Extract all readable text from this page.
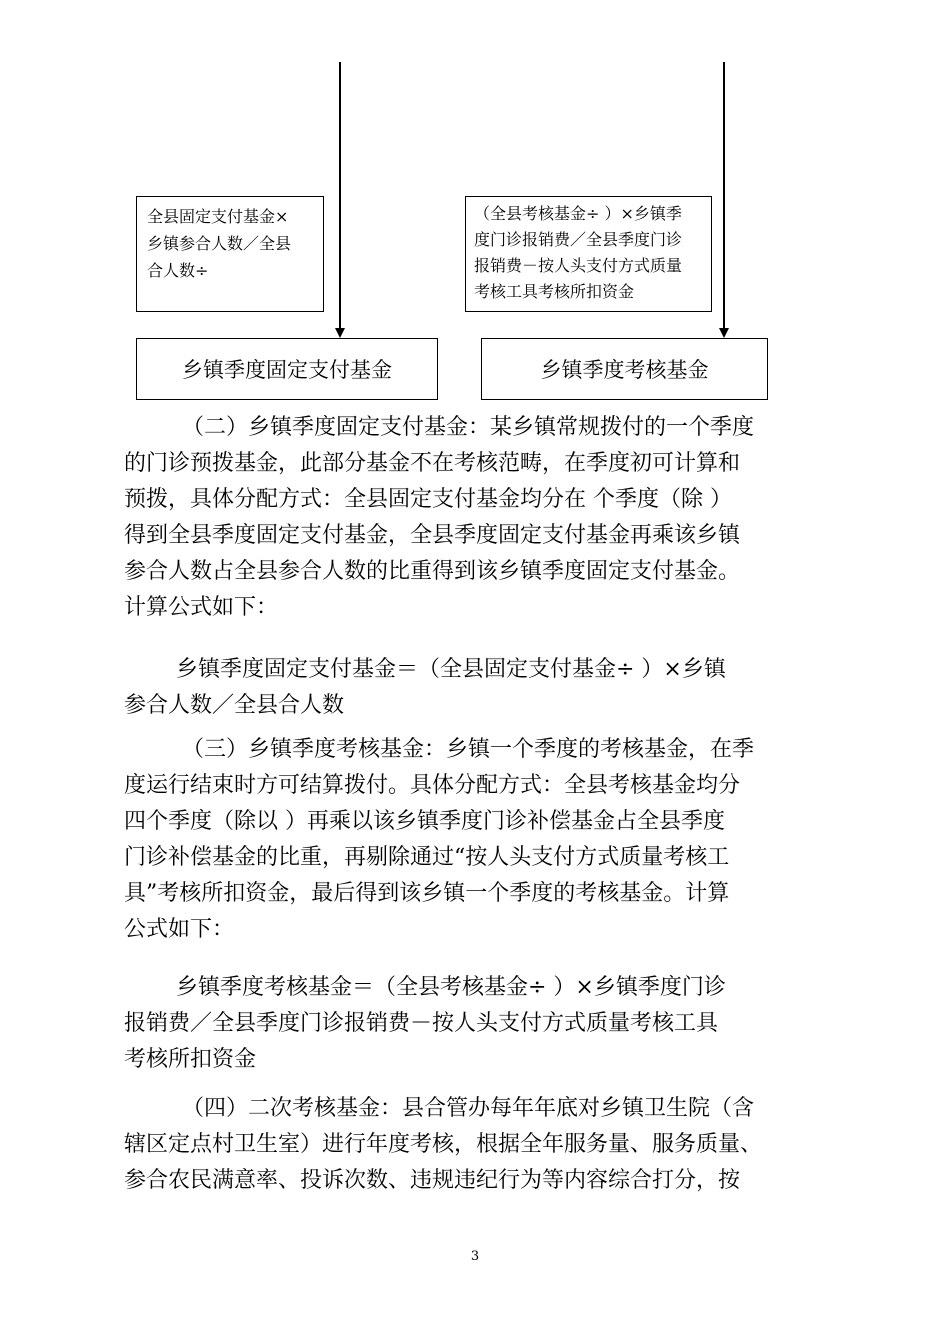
全县固定支付基金×
乡镇参合人数／全县
合人数÷
（全县考核基金÷ ）×乡镇季
度门诊报销费／全县季度门诊
报销费－按人头支付方式质量
考核工具考核所扣资金
乡镇季度固定支付基金	乡镇季度考核基金
（二）乡镇季度固定支付基金：某乡镇常规拨付的一个季度
的门诊预拨基金，此部分基金不在考核范畴，在季度初可计算和
预拨，具体分配方式：全县固定支付基金均分在 个季度（除 ）
得到全县季度固定支付基金，全县季度固定支付基金再乘该乡镇
参合人数占全县参合人数的比重得到该乡镇季度固定支付基金。
计算公式如下：
乡镇季度固定支付基金＝（全县固定支付基金÷ ）×乡镇
参合人数／全县合人数
（三）乡镇季度考核基金：乡镇一个季度的考核基金，在季
度运行结束时方可结算拨付。具体分配方式：全县考核基金均分
四个季度（除以 ）再乘以该乡镇季度门诊补偿基金占全县季度
门诊补偿基金的比重，再剔除通过“按人头支付方式质量考核工
具”考核所扣资金，最后得到该乡镇一个季度的考核基金。计算
公式如下：
乡镇季度考核基金＝（全县考核基金÷ ）×乡镇季度门诊
报销费／全县季度门诊报销费－按人头支付方式质量考核工具
考核所扣资金
（四）二次考核基金：县合管办每年年底对乡镇卫生院（含
辖区定点村卫生室）进行年度考核，根据全年服务量、服务质量、
参合农民满意率、投诉次数、违规违纪行为等内容综合打分，按
3
